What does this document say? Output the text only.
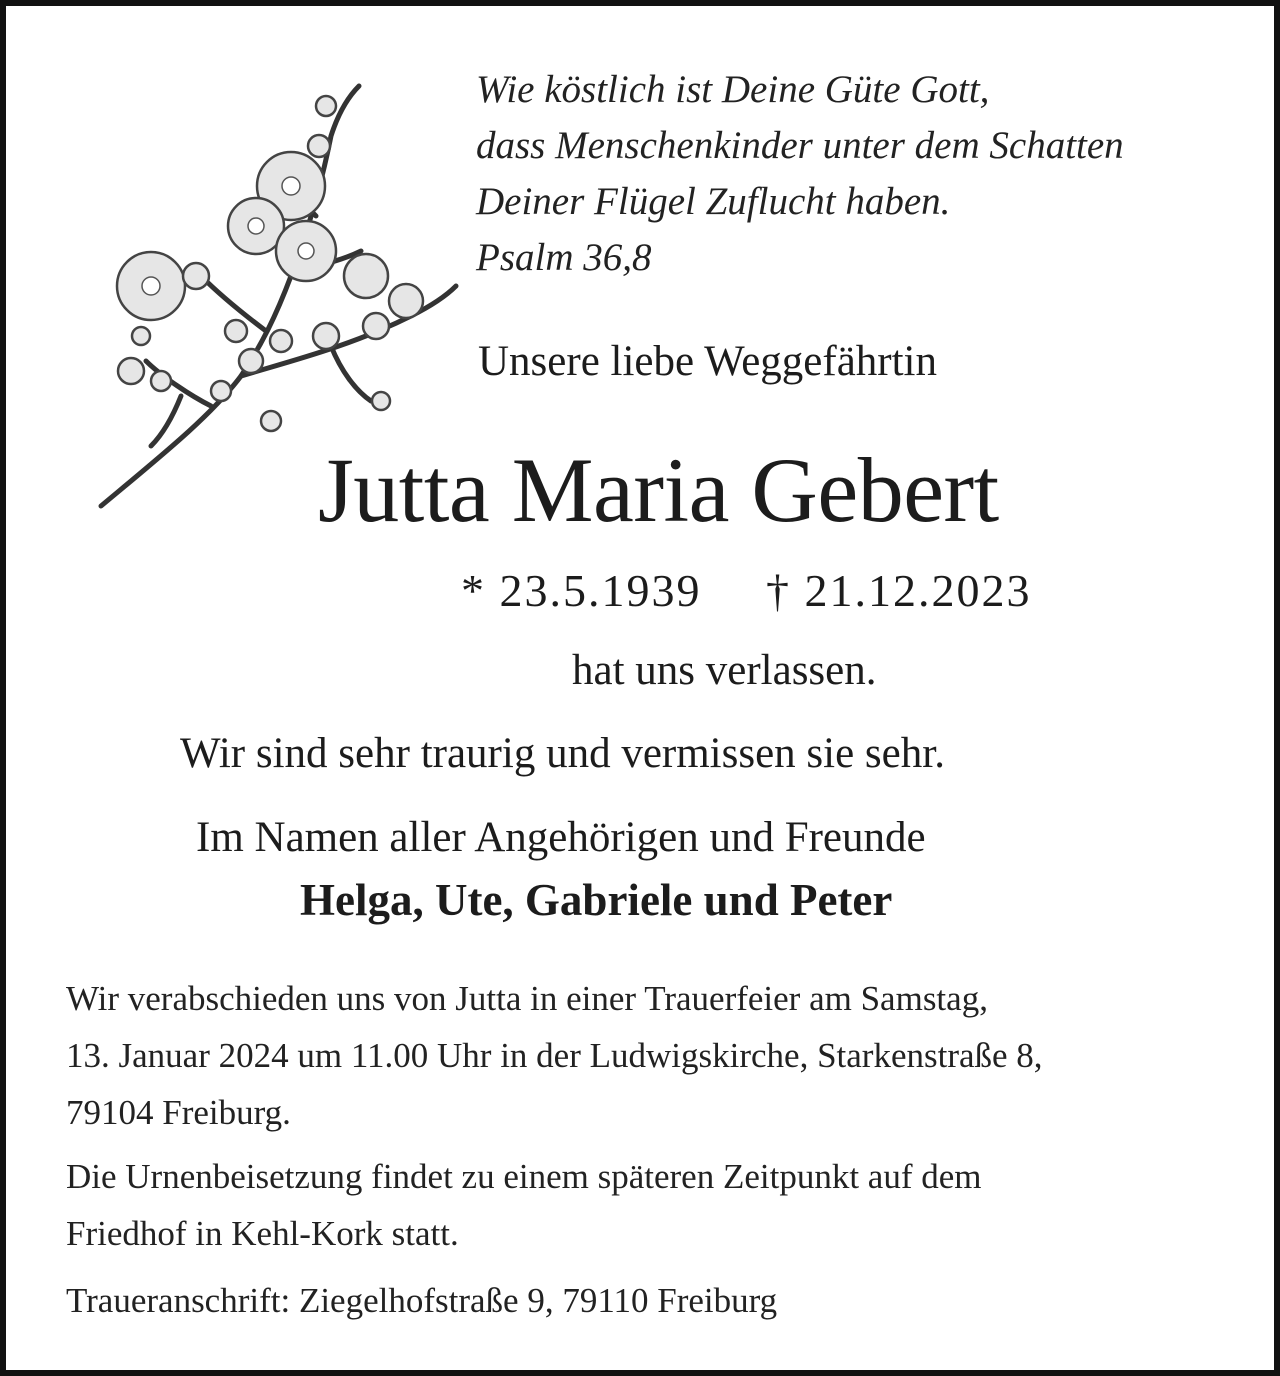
Wie köstlich ist Deine Güte Gott,
dass Menschenkinder unter dem Schatten
Deiner Flügel Zuflucht haben.
Psalm 36,8
Unsere liebe Weggefährtin
Jutta Maria Gebert
* 23.5.1939 † 21.12.2023
hat uns verlassen.
Wir sind sehr traurig und vermissen sie sehr.
Im Namen aller Angehörigen und Freunde
Helga, Ute, Gabriele und Peter
Wir verabschieden uns von Jutta in einer Trauerfeier am Samstag,
13. Januar 2024 um 11.00 Uhr in der Ludwigskirche, Starkenstraße 8,
79104 Freiburg.
Die Urnenbeisetzung findet zu einem späteren Zeitpunkt auf dem
Friedhof in Kehl-Kork statt.
Traueranschrift: Ziegelhofstraße 9, 79110 Freiburg
